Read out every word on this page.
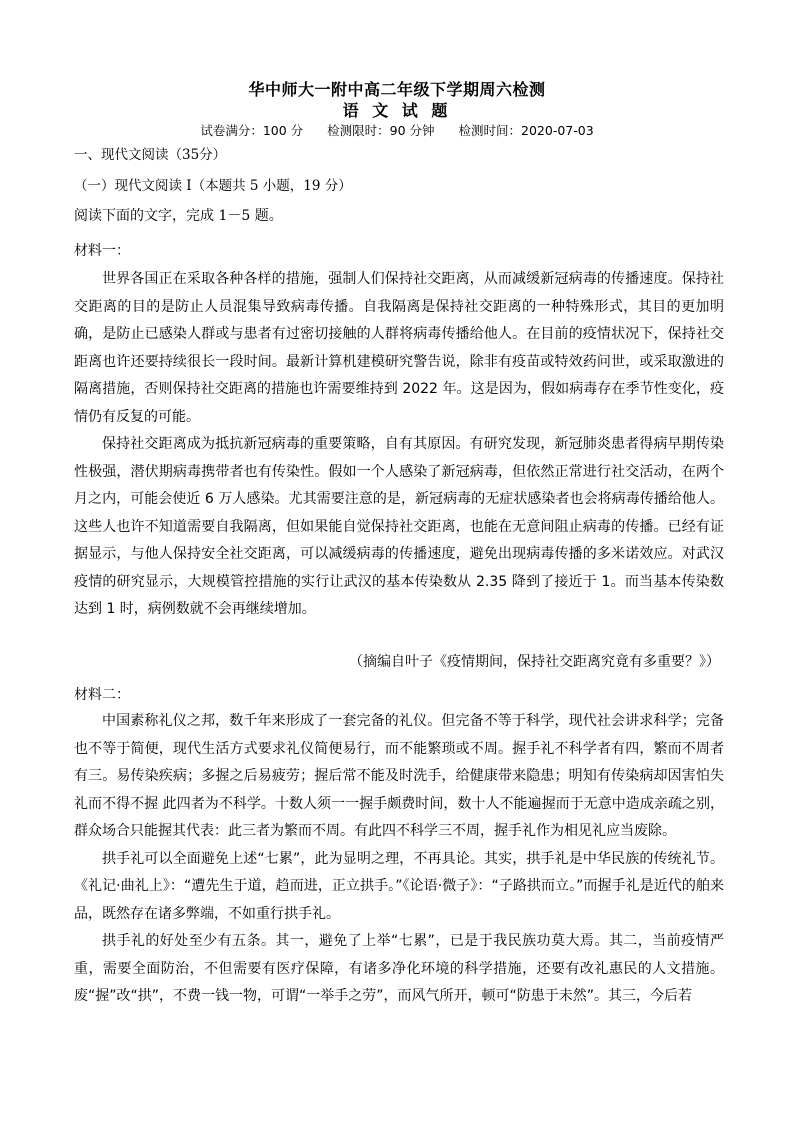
华中师大一附中高二年级下学期周六检测
语 文 试 题
试卷满分：100 分 检测限时：90 分钟 检测时间：2020-07-03
一、现代文阅读（35分）
（一）现代文阅读 I（本题共 5 小题，19 分）
阅读下面的文字，完成 1－5 题。
材料一：

世界各国正在采取各种各样的措施，强制人们保持社交距离，从而减缓新冠病毒的传播速度。保持社交距离的目的是防止人员混集导致病毒传播。自我隔离是保持社交距离的一种特殊形式，其目的更加明确，是防止已感染人群或与患者有过密切接触的人群将病毒传播给他人。在目前的疫情状况下，保持社交距离也许还要持续很长一段时间。最新计算机建模研究警告说，除非有疫苗或特效药问世，或采取激进的隔离措施，否则保持社交距离的措施也许需要维持到 2022 年。这是因为，假如病毒存在季节性变化，疫情仍有反复的可能。

保持社交距离成为抵抗新冠病毒的重要策略，自有其原因。有研究发现，新冠肺炎患者得病早期传染性极强，潜伏期病毒携带者也有传染性。假如一个人感染了新冠病毒，但依然正常进行社交活动，在两个月之内，可能会使近 6 万人感染。尤其需要注意的是，新冠病毒的无症状感染者也会将病毒传播给他人。这些人也许不知道需要自我隔离，但如果能自觉保持社交距离，也能在无意间阻止病毒的传播。已经有证据显示，与他人保持安全社交距离，可以减缓病毒的传播速度，避免出现病毒传播的多米诺效应。对武汉疫情的研究显示，大规模管控措施的实行让武汉的基本传染数从 2.35 降到了接近于 1。而当基本传染数达到 1 时，病例数就不会再继续增加。

（摘编自叶子《疫情期间，保持社交距离究竟有多重要？》）
材料二：

中国素称礼仪之邦，数千年来形成了一套完备的礼仪。但完备不等于科学，现代社会讲求科学；完备也不等于简便，现代生活方式要求礼仪简便易行，而不能繁琐或不周。握手礼不科学者有四，繁而不周者有三。易传染疾病；多握之后易疲劳；握后常不能及时洗手，给健康带来隐患；明知有传染病却因害怕失礼而不得不握 此四者为不科学。十数人须一一握手颇费时间，数十人不能遍握而于无意中造成亲疏之别，群众场合只能握其代表：此三者为繁而不周。有此四不科学三不周，握手礼作为相见礼应当废除。

拱手礼可以全面避免上述“七累”，此为显明之理，不再具论。其实，拱手礼是中华民族的传统礼节。《礼记·曲礼上》：“遭先生于道，趋而进，正立拱手。”《论语·微子》：“子路拱而立。”而握手礼是近代的舶来品，既然存在诸多弊端，不如重行拱手礼。

拱手礼的好处至少有五条。其一，避免了上举“七累”，已是于我民族功莫大焉。其二，当前疫情严重，需要全面防治，不但需要有医疗保障，有诸多净化环境的科学措施，还要有改礼惠民的人文措施。废“握”改“拱”，不费一钱一物，可谓“一举手之劳”，而风气所开，顿可“防患于未然”。其三，今后若
